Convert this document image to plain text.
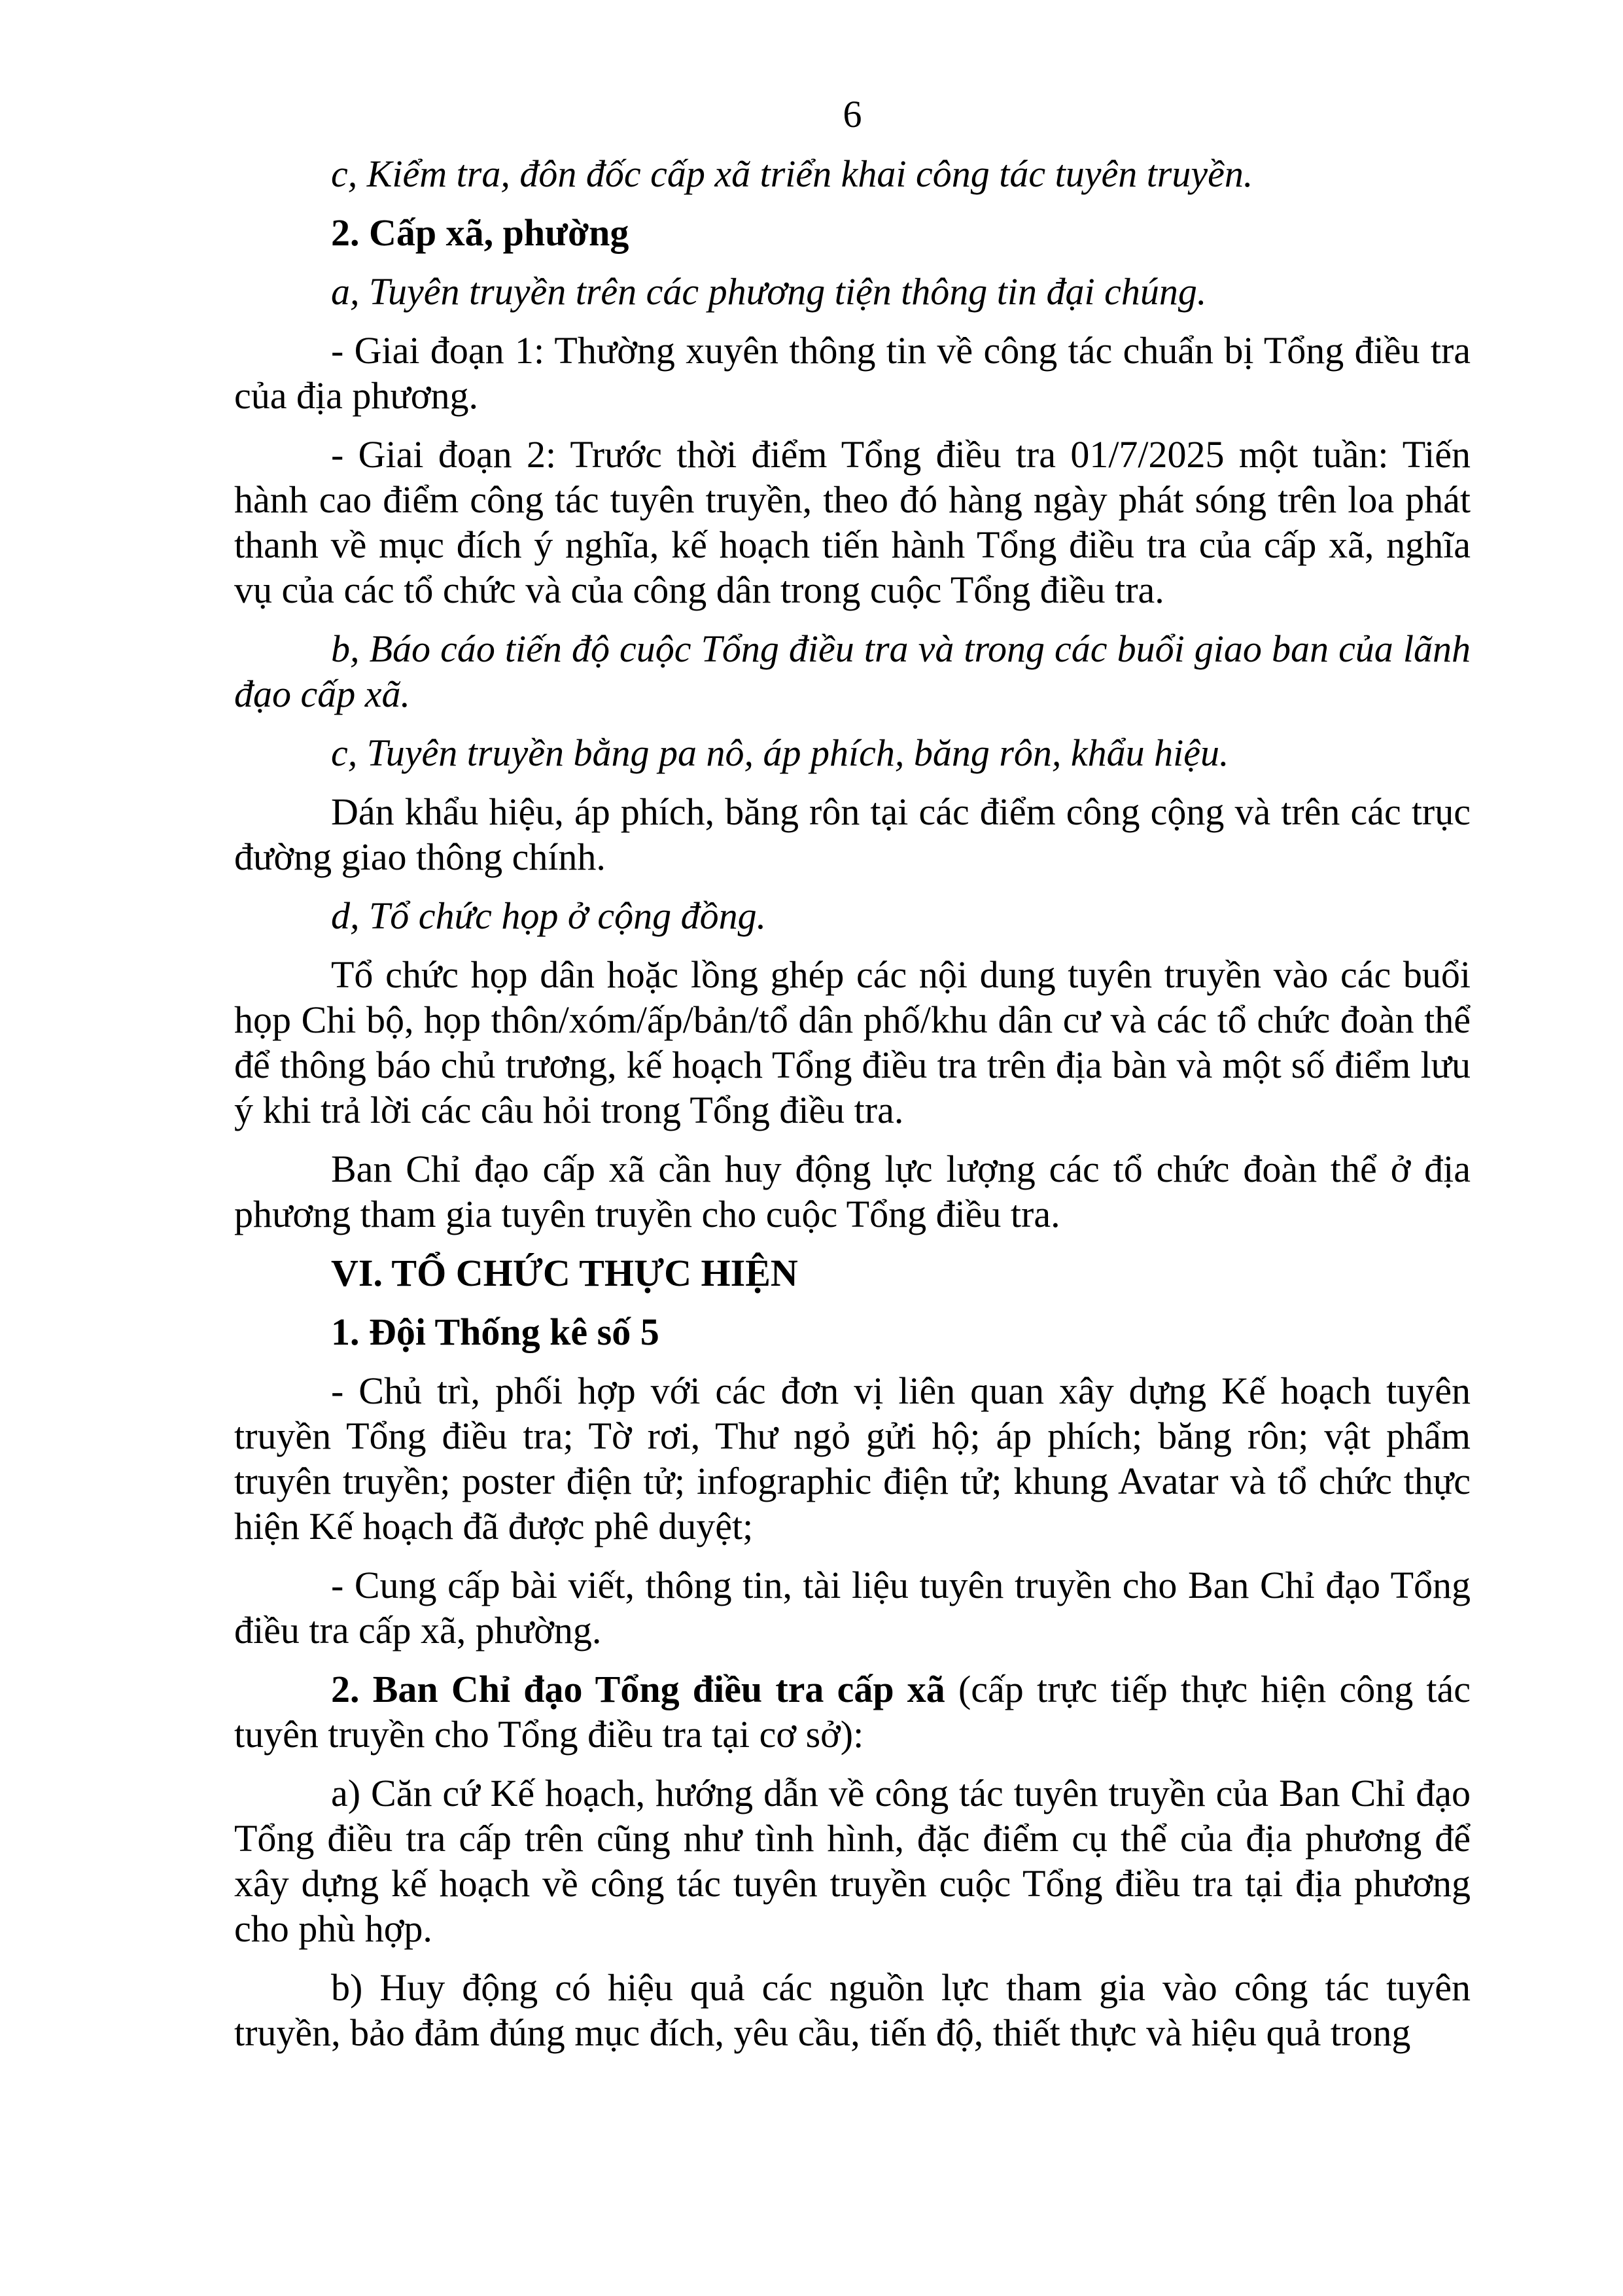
6

c, Kiểm tra, đôn đốc cấp xã triển khai công tác tuyên truyền.

2. Cấp xã, phường

a, Tuyên truyền trên các phương tiện thông tin đại chúng.

- Giai đoạn 1: Thường xuyên thông tin về công tác chuẩn bị Tổng điều tra của địa phương.

- Giai đoạn 2: Trước thời điểm Tổng điều tra 01/7/2025 một tuần: Tiến hành cao điểm công tác tuyên truyền, theo đó hàng ngày phát sóng trên loa phát thanh về mục đích ý nghĩa, kế hoạch tiến hành Tổng điều tra của cấp xã, nghĩa vụ của các tổ chức và của công dân trong cuộc Tổng điều tra.

b, Báo cáo tiến độ cuộc Tổng điều tra và trong các buổi giao ban của lãnh đạo cấp xã.

c, Tuyên truyền bằng pa nô, áp phích, băng rôn, khẩu hiệu.

Dán khẩu hiệu, áp phích, băng rôn tại các điểm công cộng và trên các trục đường giao thông chính.

d, Tổ chức họp ở cộng đồng.

Tổ chức họp dân hoặc lồng ghép các nội dung tuyên truyền vào các buổi họp Chi bộ, họp thôn/xóm/ấp/bản/tổ dân phố/khu dân cư và các tổ chức đoàn thể để thông báo chủ trương, kế hoạch Tổng điều tra trên địa bàn và một số điểm lưu ý khi trả lời các câu hỏi trong Tổng điều tra.

Ban Chỉ đạo cấp xã cần huy động lực lượng các tổ chức đoàn thể ở địa phương tham gia tuyên truyền cho cuộc Tổng điều tra.

VI. TỔ CHỨC THỰC HIỆN

1. Đội Thống kê số 5

- Chủ trì, phối hợp với các đơn vị liên quan xây dựng Kế hoạch tuyên truyền Tổng điều tra; Tờ rơi, Thư ngỏ gửi hộ; áp phích; băng rôn; vật phẩm truyên truyền; poster điện tử; infographic điện tử; khung Avatar và tổ chức thực hiện Kế hoạch đã được phê duyệt;

- Cung cấp bài viết, thông tin, tài liệu tuyên truyền cho Ban Chỉ đạo Tổng điều tra cấp xã, phường.

2. Ban Chỉ đạo Tổng điều tra cấp xã (cấp trực tiếp thực hiện công tác tuyên truyền cho Tổng điều tra tại cơ sở):

a) Căn cứ Kế hoạch, hướng dẫn về công tác tuyên truyền của Ban Chỉ đạo Tổng điều tra cấp trên cũng như tình hình, đặc điểm cụ thể của địa phương để xây dựng kế hoạch về công tác tuyên truyền cuộc Tổng điều tra tại địa phương cho phù hợp.

b) Huy động có hiệu quả các nguồn lực tham gia vào công tác tuyên truyền, bảo đảm đúng mục đích, yêu cầu, tiến độ, thiết thực và hiệu quả trong
